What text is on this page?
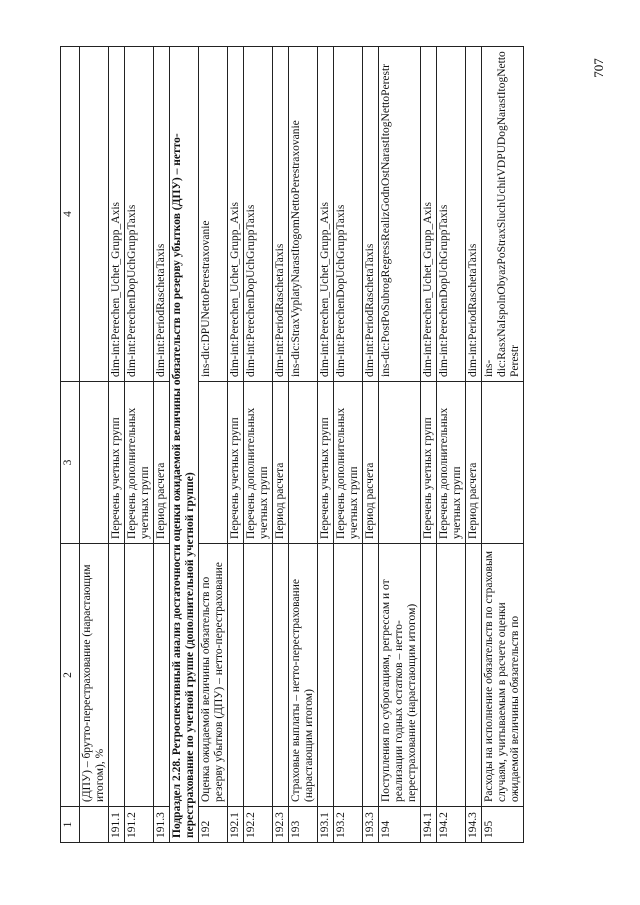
1	2	3	4
	(ДПУ) – брутто-перестрахование (нарастающим итогом), %		
191.1		Перечень учетных групп	dim-int:Perechen_Uchet_Grupp_Axis
191.2		Перечень дополнительных учетных групп	dim-int:PerechenDopUchGruppTaxis
191.3		Период расчета	dim-int:PeriodRaschetaTaxis
Подраздел 2.28. Ретроспективный анализ достаточности оценки ожидаемой величины обязательств по резерву убытков (ДПУ) – нетто-перестрахование по учетной группе (дополнительной учетной группе)			
192	Оценка ожидаемой величины обязательств по резерву убытков (ДПУ) – нетто-перестрахование		ins-dic:DPUNettoPerestraxovanie
192.1		Перечень учетных групп	dim-int:Perechen_Uchet_Grupp_Axis
192.2		Перечень дополнительных учетных групп	dim-int:PerechenDopUchGruppTaxis
192.3		Период расчета	dim-int:PeriodRaschetaTaxis
193	Страховые выплаты – нетто-перестрахование (нарастающим итогом)		ins-dic:StraxVyplatyNarastItogomNettoPerestraxovanie
193.1		Перечень учетных групп	dim-int:Perechen_Uchet_Grupp_Axis
193.2		Перечень дополнительных учетных групп	dim-int:PerechenDopUchGruppTaxis
193.3		Период расчета	dim-int:PeriodRaschetaTaxis
194	Поступления по суброгациям, регрессам и от реализации годных остатков – нетто-перестрахование (нарастающим итогом)		ins-dic:PostPoSubrogRegressRealizGodnOstNarastItogNettoPerestr
194.1		Перечень учетных групп	dim-int:Perechen_Uchet_Grupp_Axis
194.2		Перечень дополнительных учетных групп	dim-int:PerechenDopUchGruppTaxis
194.3		Период расчета	dim-int:PeriodRaschetaTaxis
195	Расходы на исполнение обязательств по страховым случаям, учитываемым в расчете оценки ожидаемой величины обязательств по		ins-dic:RasxNaIspolnObyazPoStraxSluchUchitVDPUDogNarastItogNettoPerestr
707
